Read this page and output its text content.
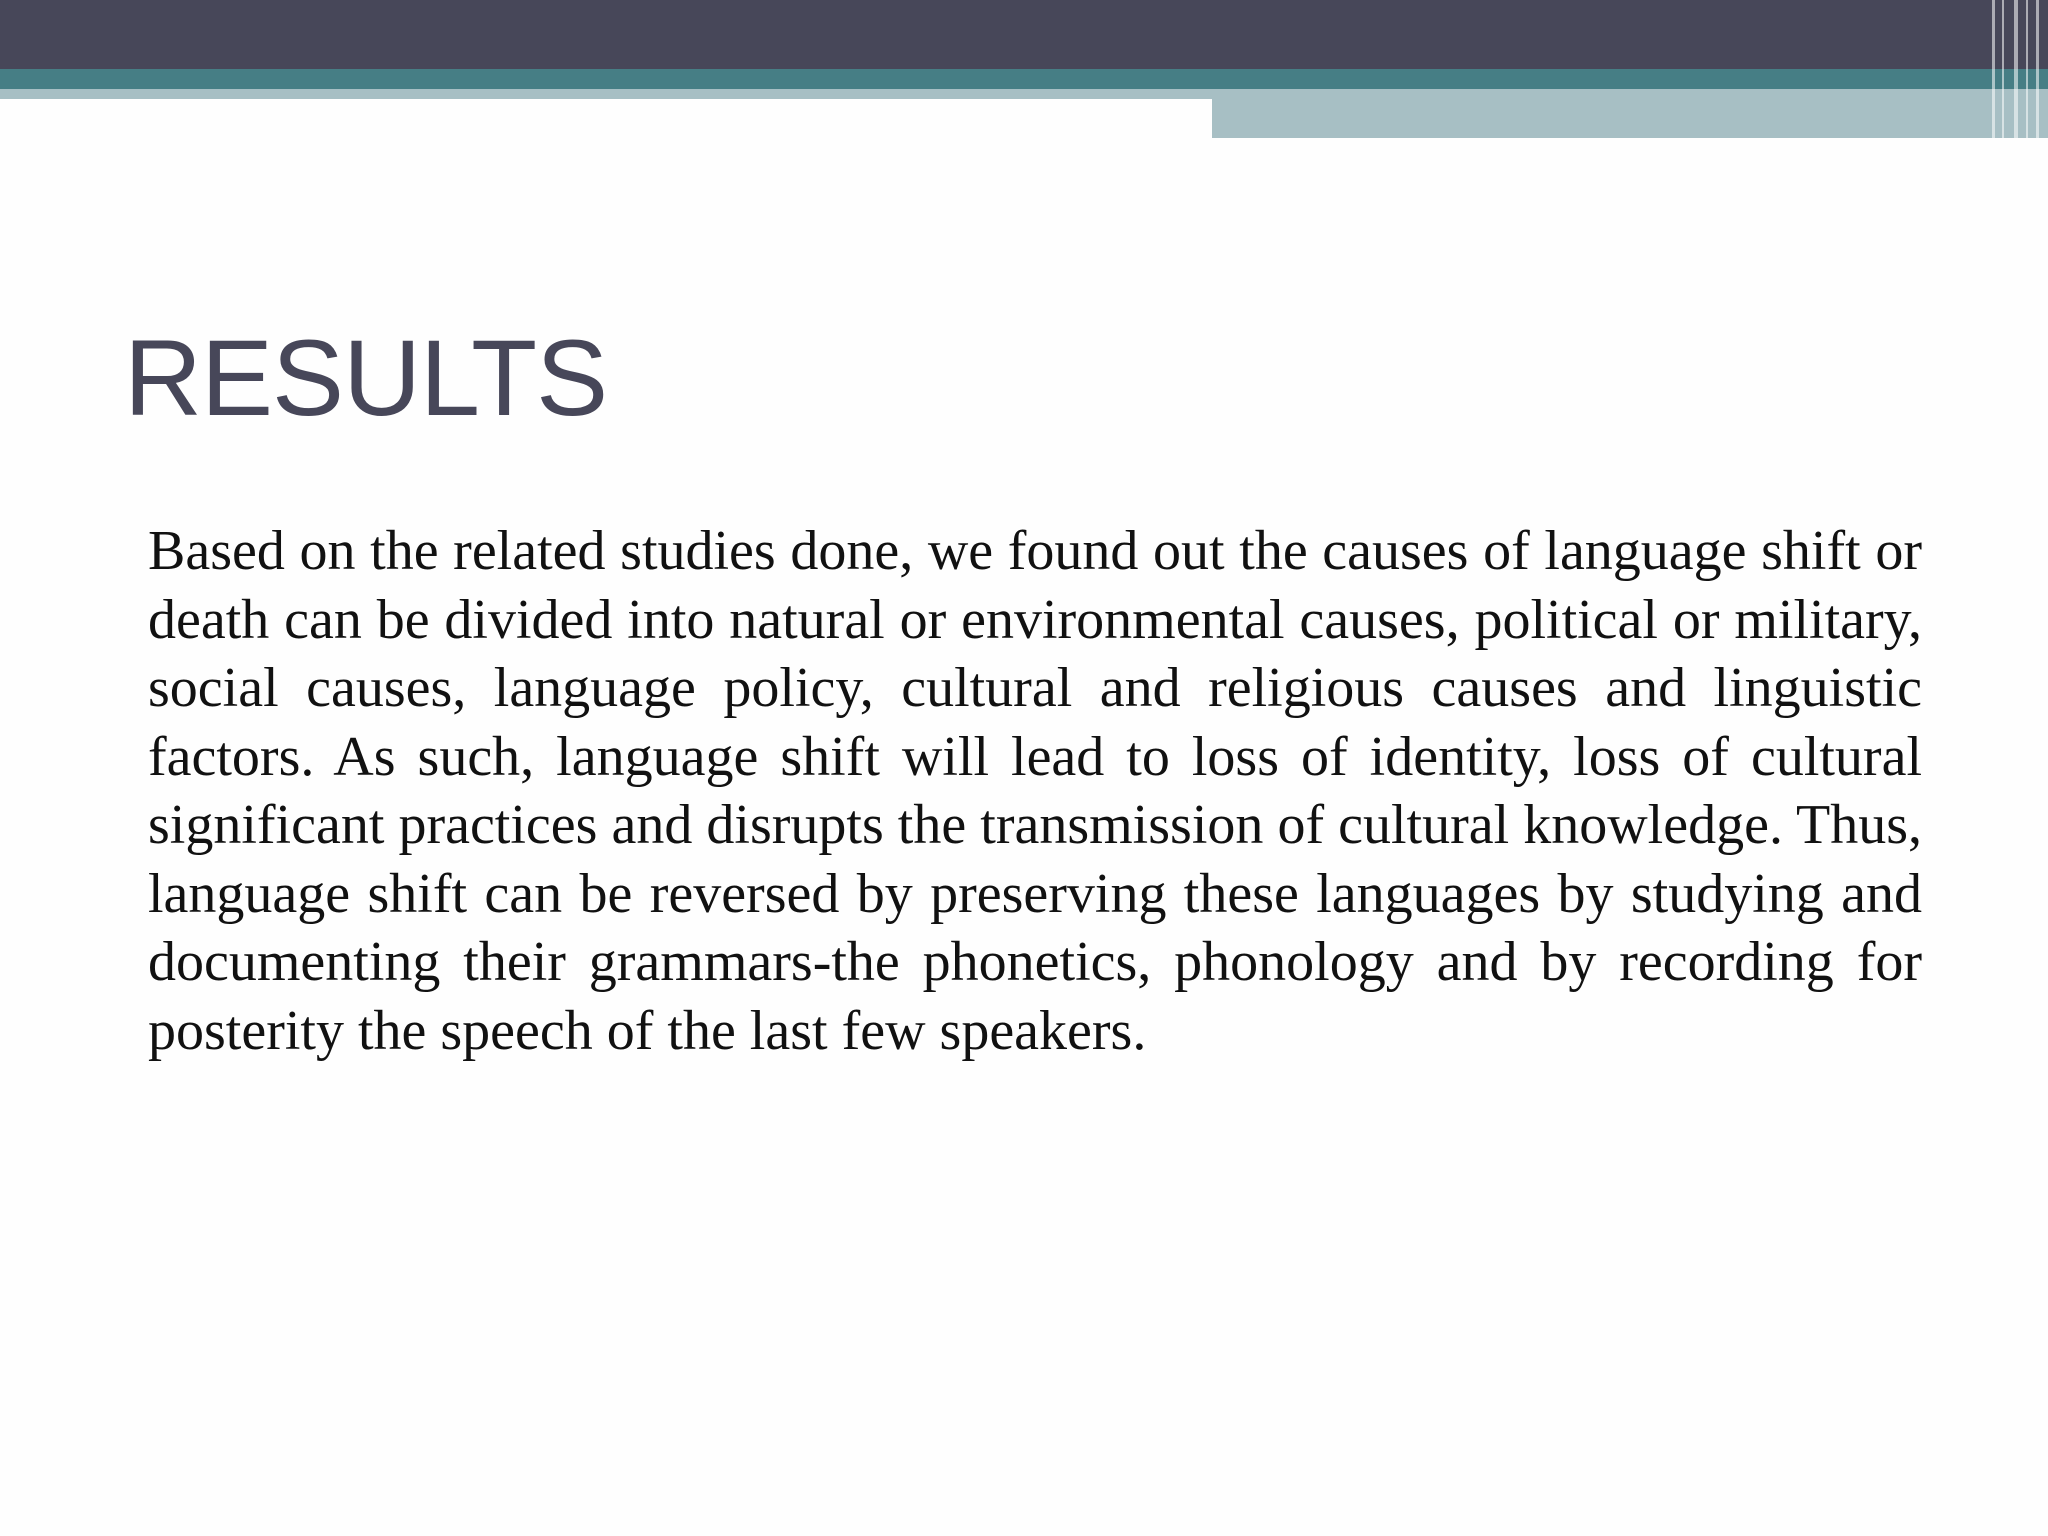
RESULTS

Based on the related studies done, we found out the causes of language shift or death can be divided into natural or environmental causes, political or military, social causes, language policy, cultural and religious causes and linguistic factors. As such, language shift will lead to loss of identity, loss of cultural significant practices and disrupts the transmission of cultural knowledge. Thus, language shift can be reversed by preserving these languages by studying and documenting their grammars-the phonetics, phonology and by recording for posterity the speech of the last few speakers.
